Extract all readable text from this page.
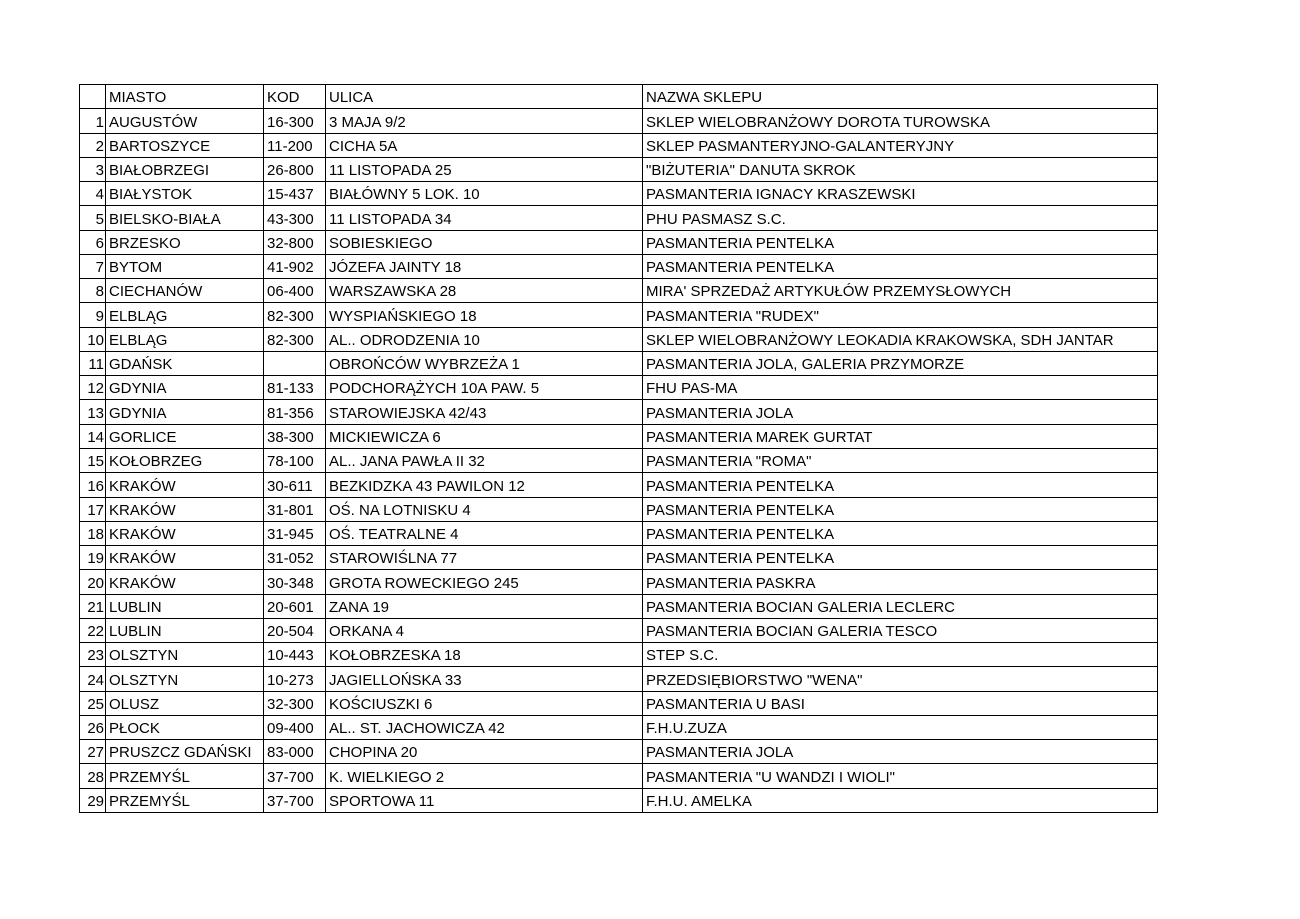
	MIASTO	KOD	ULICA	NAZWA SKLEPU
1	AUGUSTÓW	16-300	3 MAJA 9/2	SKLEP WIELOBRANŻOWY DOROTA TUROWSKA
2	BARTOSZYCE	11-200	CICHA 5A	SKLEP PASMANTERYJNO-GALANTERYJNY
3	BIAŁOBRZEGI	26-800	11 LISTOPADA 25	"BIŻUTERIA" DANUTA SKROK
4	BIAŁYSTOK	15-437	BIAŁÓWNY 5 LOK. 10	PASMANTERIA IGNACY KRASZEWSKI
5	BIELSKO-BIAŁA	43-300	11 LISTOPADA 34	PHU PASMASZ S.C.
6	BRZESKO	32-800	SOBIESKIEGO	PASMANTERIA PENTELKA
7	BYTOM	41-902	JÓZEFA JAINTY 18	PASMANTERIA PENTELKA
8	CIECHANÓW	06-400	WARSZAWSKA 28	MIRA' SPRZEDAŻ ARTYKUŁÓW PRZEMYSŁOWYCH
9	ELBLĄG	82-300	WYSPIAŃSKIEGO 18	PASMANTERIA "RUDEX"
10	ELBLĄG	82-300	AL.. ODRODZENIA 10	SKLEP WIELOBRANŻOWY LEOKADIA KRAKOWSKA, SDH JANTAR
11	GDAŃSK		OBROŃCÓW WYBRZEŻA 1	PASMANTERIA JOLA, GALERIA PRZYMORZE
12	GDYNIA	81-133	PODCHORĄŻYCH 10A PAW. 5	FHU PAS-MA
13	GDYNIA	81-356	STAROWIEJSKA 42/43	PASMANTERIA JOLA
14	GORLICE	38-300	MICKIEWICZA 6	PASMANTERIA MAREK GURTAT
15	KOŁOBRZEG	78-100	AL.. JANA PAWŁA II 32	PASMANTERIA "ROMA"
16	KRAKÓW	30-611	BEZKIDZKA 43 PAWILON 12	PASMANTERIA PENTELKA
17	KRAKÓW	31-801	OŚ. NA LOTNISKU 4	PASMANTERIA PENTELKA
18	KRAKÓW	31-945	OŚ. TEATRALNE 4	PASMANTERIA PENTELKA
19	KRAKÓW	31-052	STAROWIŚLNA 77	PASMANTERIA PENTELKA
20	KRAKÓW	30-348	GROTA ROWECKIEGO 245	PASMANTERIA PASKRA
21	LUBLIN	20-601	ZANA 19	PASMANTERIA BOCIAN GALERIA LECLERC
22	LUBLIN	20-504	ORKANA 4	PASMANTERIA BOCIAN GALERIA TESCO
23	OLSZTYN	10-443	KOŁOBRZESKA 18	STEP S.C.
24	OLSZTYN	10-273	JAGIELLOŃSKA 33	PRZEDSIĘBIORSTWO "WENA"
25	OLUSZ	32-300	KOŚCIUSZKI 6	PASMANTERIA U BASI
26	PŁOCK	09-400	AL.. ST. JACHOWICZA 42	F.H.U.ZUZA
27	PRUSZCZ GDAŃSKI	83-000	CHOPINA 20	PASMANTERIA JOLA
28	PRZEMYŚL	37-700	K. WIELKIEGO 2	PASMANTERIA "U WANDZI I WIOLI"
29	PRZEMYŚL	37-700	SPORTOWA 11	F.H.U. AMELKA
